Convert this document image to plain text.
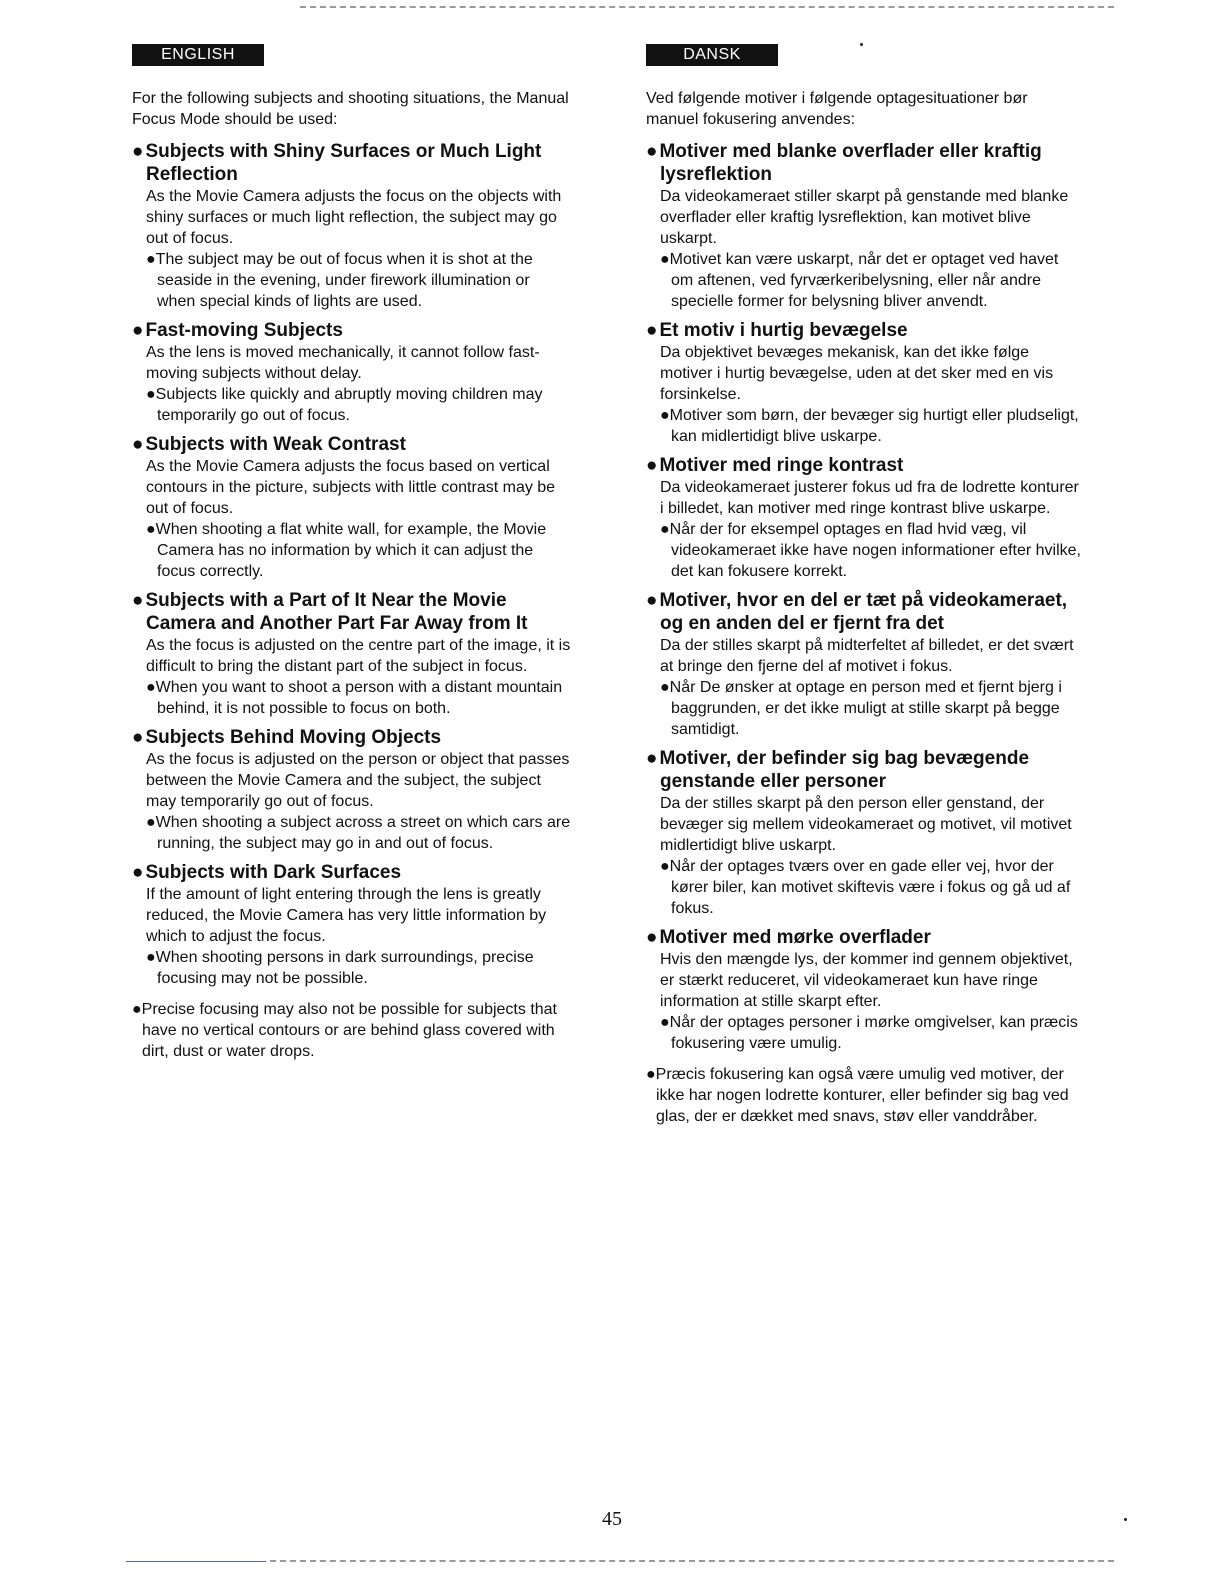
ENGLISH

For the following subjects and shooting situations, the Manual Focus Mode should be used:

● Subjects with Shiny Surfaces or Much Light Reflection

As the Movie Camera adjusts the focus on the objects with shiny surfaces or much light reflection, the subject may go out of focus.

●The subject may be out of focus when it is shot at the seaside in the evening, under firework illumination or when special kinds of lights are used.

● Fast-moving Subjects

As the lens is moved mechanically, it cannot follow fast-moving subjects without delay.

●Subjects like quickly and abruptly moving children may temporarily go out of focus.

● Subjects with Weak Contrast

As the Movie Camera adjusts the focus based on vertical contours in the picture, subjects with little contrast may be out of focus.

●When shooting a flat white wall, for example, the Movie Camera has no information by which it can adjust the focus correctly.

● Subjects with a Part of It Near the Movie Camera and Another Part Far Away from It

As the focus is adjusted on the centre part of the image, it is difficult to bring the distant part of the subject in focus.

●When you want to shoot a person with a distant mountain behind, it is not possible to focus on both.

● Subjects Behind Moving Objects

As the focus is adjusted on the person or object that passes between the Movie Camera and the subject, the subject may temporarily go out of focus.

●When shooting a subject across a street on which cars are running, the subject may go in and out of focus.

● Subjects with Dark Surfaces

If the amount of light entering through the lens is greatly reduced, the Movie Camera has very little information by which to adjust the focus.

●When shooting persons in dark surroundings, precise focusing may not be possible.

●Precise focusing may also not be possible for subjects that have no vertical contours or are behind glass covered with dirt, dust or water drops.

DANSK

Ved følgende motiver i følgende optagesituationer bør manuel fokusering anvendes:

● Motiver med blanke overflader eller kraftig lysreflektion

Da videokameraet stiller skarpt på genstande med blanke overflader eller kraftig lysreflektion, kan motivet blive uskarpt.

●Motivet kan være uskarpt, når det er optaget ved havet om aftenen, ved fyrværkeribelysning, eller når andre specielle former for belysning bliver anvendt.

● Et motiv i hurtig bevægelse

Da objektivet bevæges mekanisk, kan det ikke følge motiver i hurtig bevægelse, uden at det sker med en vis forsinkelse.

●Motiver som børn, der bevæger sig hurtigt eller pludseligt, kan midlertidigt blive uskarpe.

● Motiver med ringe kontrast

Da videokameraet justerer fokus ud fra de lodrette konturer i billedet, kan motiver med ringe kontrast blive uskarpe.

●Når der for eksempel optages en flad hvid væg, vil videokameraet ikke have nogen informationer efter hvilke, det kan fokusere korrekt.

● Motiver, hvor en del er tæt på videokameraet, og en anden del er fjernt fra det

Da der stilles skarpt på midterfeltet af billedet, er det svært at bringe den fjerne del af motivet i fokus.

●Når De ønsker at optage en person med et fjernt bjerg i baggrunden, er det ikke muligt at stille skarpt på begge samtidigt.

● Motiver, der befinder sig bag bevægende genstande eller personer

Da der stilles skarpt på den person eller genstand, der bevæger sig mellem videokameraet og motivet, vil motivet midlertidigt blive uskarpt.

●Når der optages tværs over en gade eller vej, hvor der kører biler, kan motivet skiftevis være i fokus og gå ud af fokus.

● Motiver med mørke overflader

Hvis den mængde lys, der kommer ind gennem objektivet, er stærkt reduceret, vil videokameraet kun have ringe information at stille skarpt efter.

●Når der optages personer i mørke omgivelser, kan præcis fokusering være umulig.

●Præcis fokusering kan også være umulig ved motiver, der ikke har nogen lodrette konturer, eller befinder sig bag ved glas, der er dækket med snavs, støv eller vanddråber.

45
